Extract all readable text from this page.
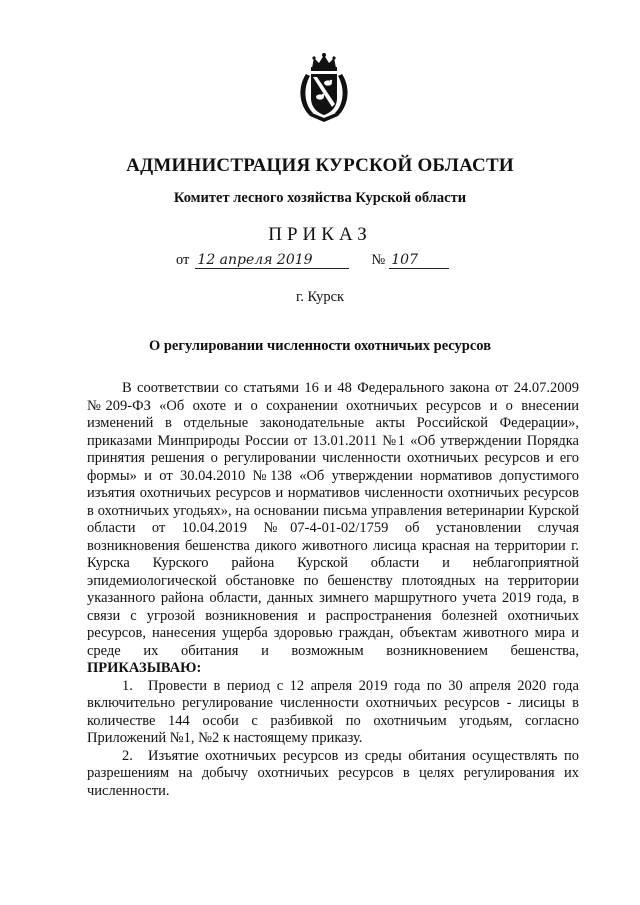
АДМИНИСТРАЦИЯ КУРСКОЙ ОБЛАСТИ
Комитет лесного хозяйства Курской области
ПРИКАЗ
от 12 апреля 2019	№ 107
г. Курск
О регулировании численности охотничьих ресурсов

В соответствии со статьями 16 и 48 Федерального закона от 24.07.2009 №209-ФЗ «Об охоте и о сохранении охотничьих ресурсов и о внесении изменений в отдельные законодательные акты Российской Федерации», приказами Минприроды России от 13.01.2011 №1 «Об утверждении Порядка принятия решения о регулировании численности охотничьих ресурсов и его формы» и от 30.04.2010 №138 «Об утверждении нормативов допустимого изъятия охотничьих ресурсов и нормативов численности охотничьих ресурсов в охотничьих угодьях», на основании письма управления ветеринарии Курской области от 10.04.2019 №07-4-01-02/1759 об установлении случая возникновения бешенства дикого животного лисица красная на территории г. Курска Курского района Курской области и неблагоприятной эпидемиологической обстановке по бешенству плотоядных на территории указанного района области, данных зимнего маршрутного учета 2019 года, в связи с угрозой возникновения и распространения болезней охотничьих ресурсов, нанесения ущерба здоровью граждан, объектам животного мира и среде их обитания и возможным возникновением бешенства, ПРИКАЗЫВАЮ:

1. Провести в период с 12 апреля 2019 года по 30 апреля 2020 года включительно регулирование численности охотничьих ресурсов - лисицы в количестве 144 особи с разбивкой по охотничьим угодьям, согласно Приложений №1, №2 к настоящему приказу.

2. Изъятие охотничьих ресурсов из среды обитания осуществлять по разрешениям на добычу охотничьих ресурсов в целях регулирования их численности.
